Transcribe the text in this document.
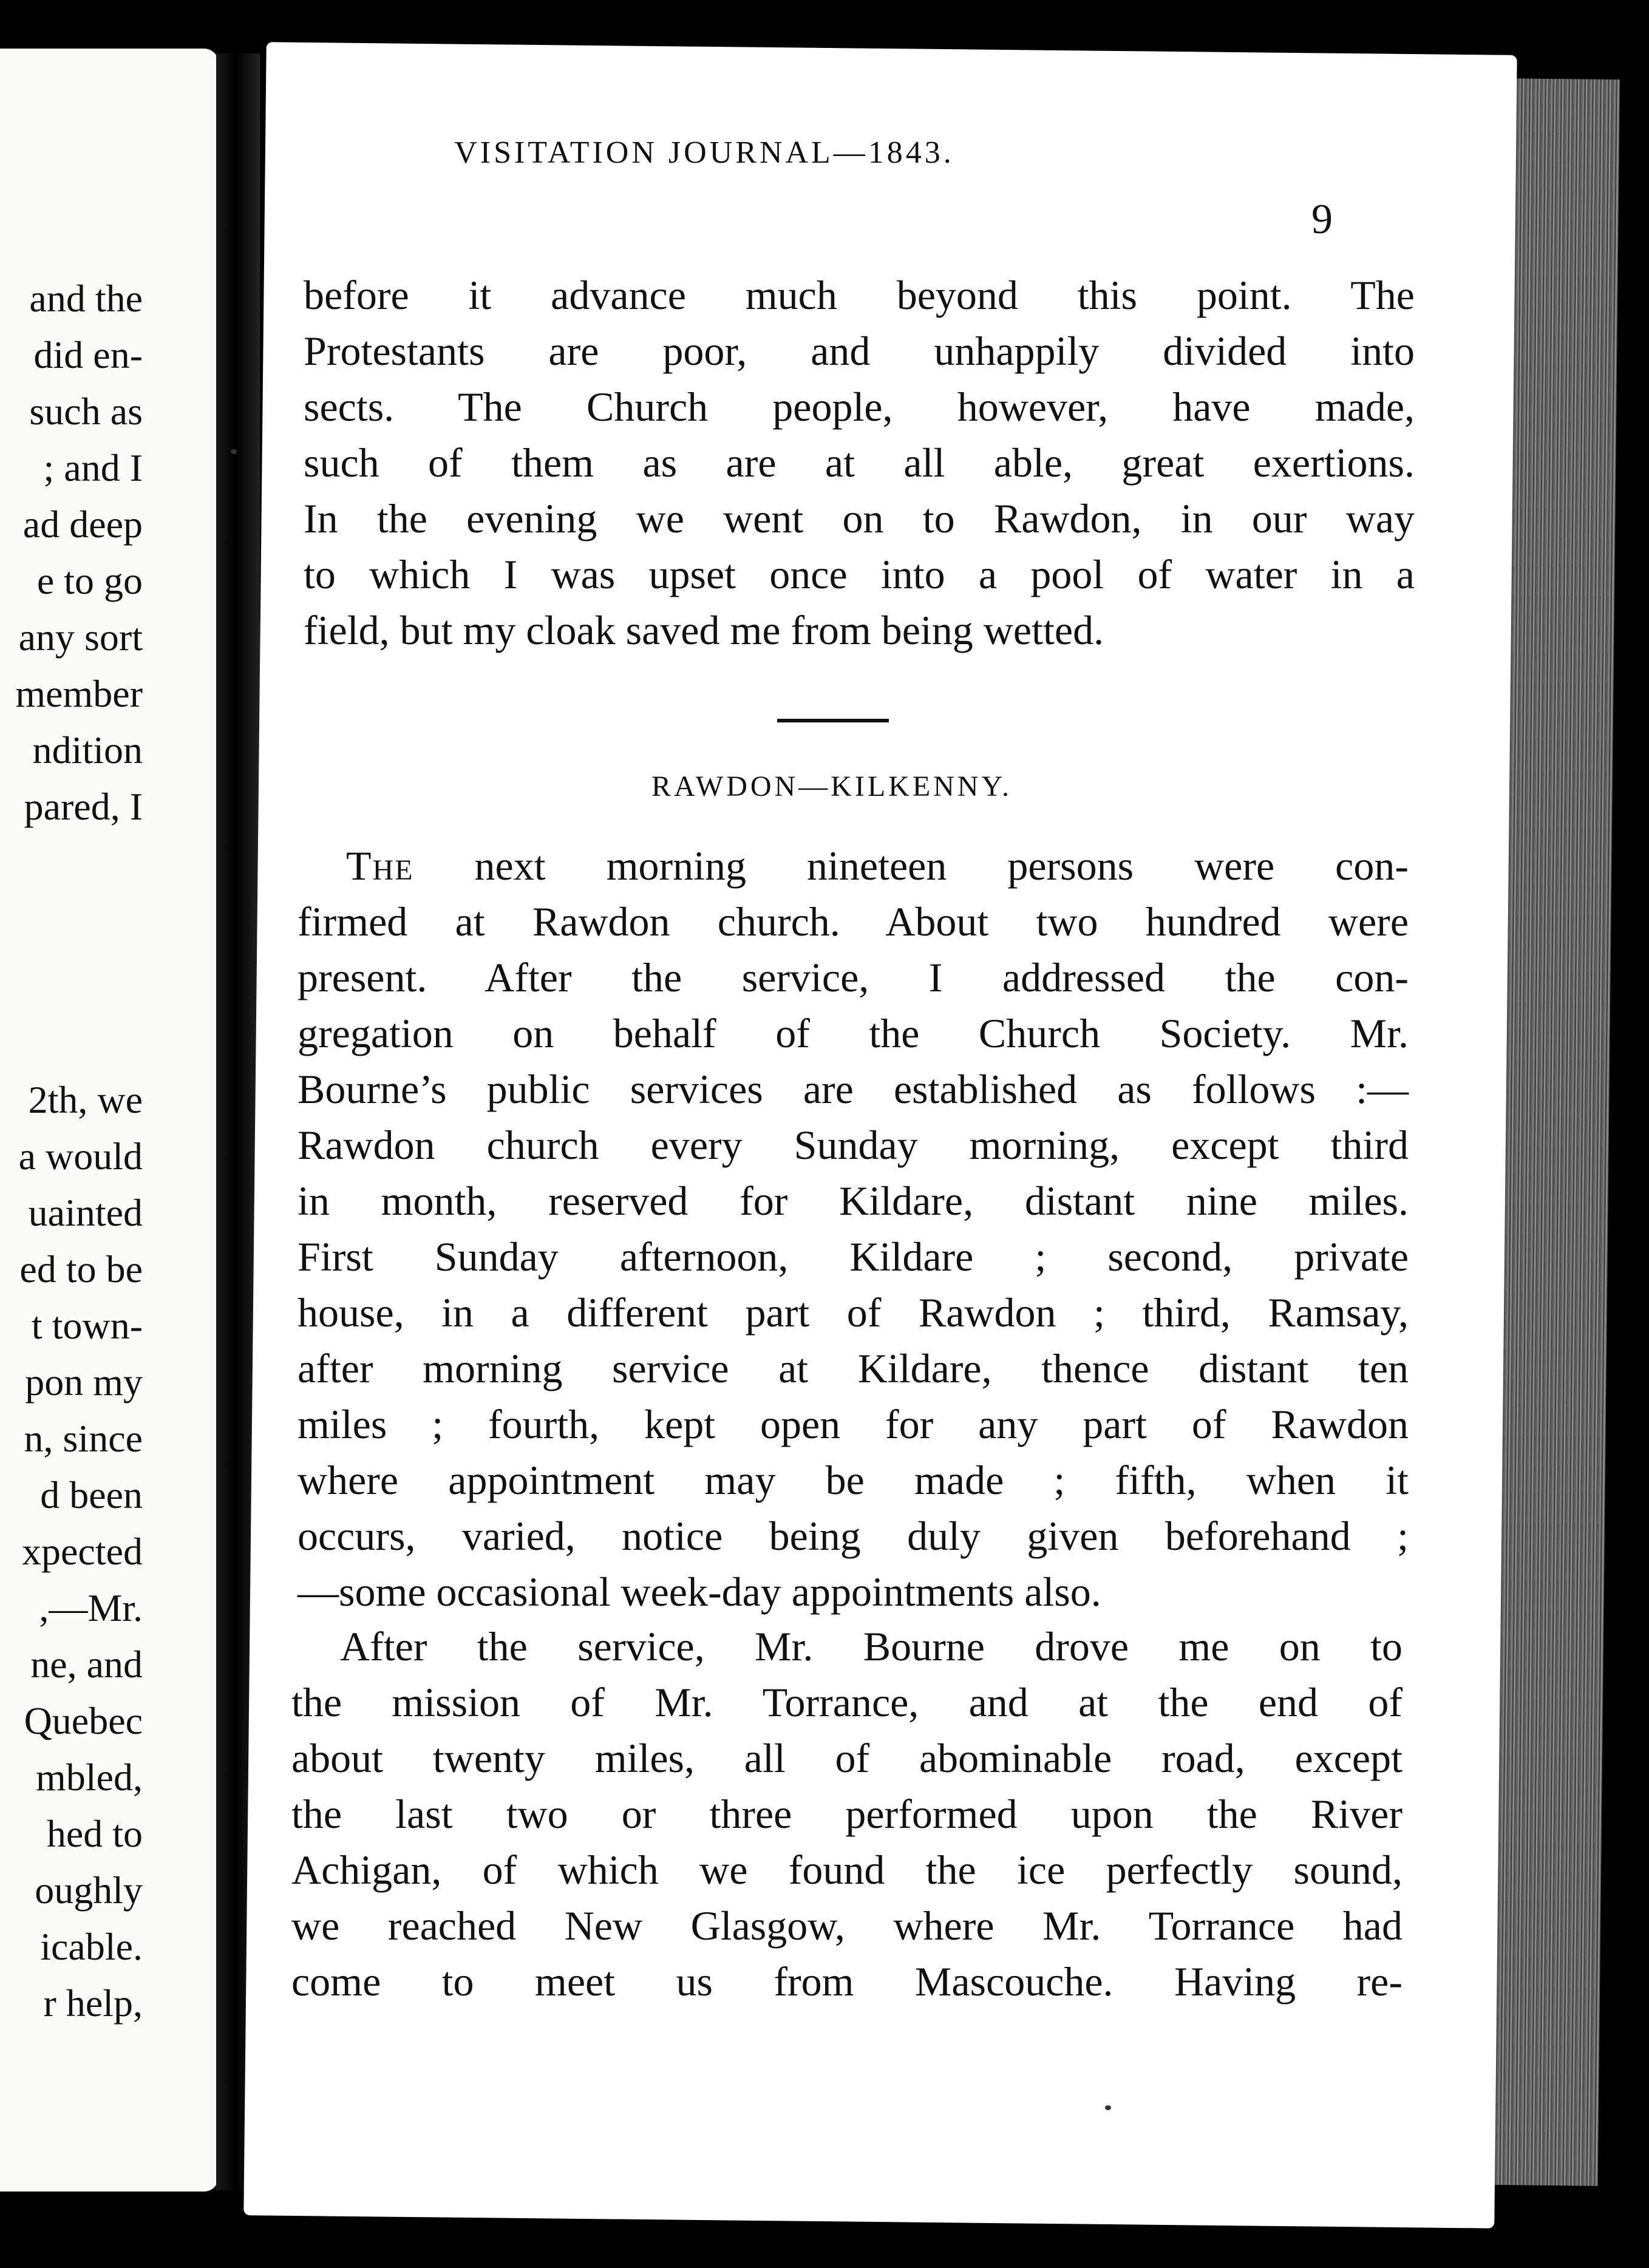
and the
did en-
such as
; and I
ad deep
e to go
any sort
member
ndition
pared, I
2th, we
a would
uainted
ed to be
t town-
pon my
n, since
d been
xpected
,—Mr.
ne, and
Quebec
mbled,
hed to
oughly
icable.
r help,
VISITATION JOURNAL—1843.
9
before it advance much beyond this point. The
Protestants are poor, and unhappily divided into
sects. The Church people, however, have made,
such of them as are at all able, great exertions.
In the evening we went on to Rawdon, in our way
to which I was upset once into a pool of water in a
field, but my cloak saved me from being wetted.
RAWDON—KILKENNY.
The next morning nineteen persons were con-
firmed at Rawdon church. About two hundred were
present. After the service, I addressed the con-
gregation on behalf of the Church Society. Mr.
Bourne’s public services are established as follows :—
Rawdon church every Sunday morning, except third
in month, reserved for Kildare, distant nine miles.
First Sunday afternoon, Kildare ; second, private
house, in a different part of Rawdon ; third, Ramsay,
after morning service at Kildare, thence distant ten
miles ; fourth, kept open for any part of Rawdon
where appointment may be made ; fifth, when it
occurs, varied, notice being duly given beforehand ;
—some occasional week-day appointments also.
After the service, Mr. Bourne drove me on to
the mission of Mr. Torrance, and at the end of
about twenty miles, all of abominable road, except
the last two or three performed upon the River
Achigan, of which we found the ice perfectly sound,
we reached New Glasgow, where Mr. Torrance had
come to meet us from Mascouche. Having re-
